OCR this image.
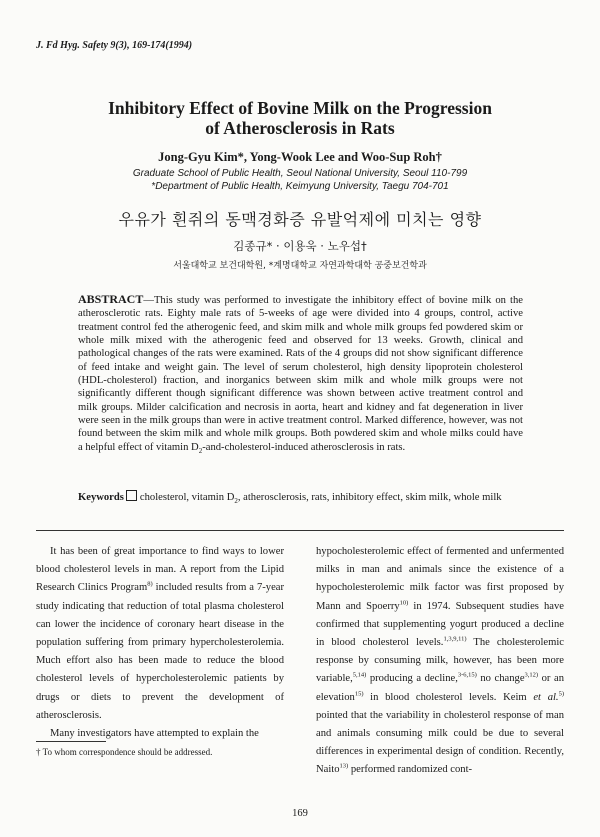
J. Fd Hyg. Safety 9(3), 169-174(1994)
Inhibitory Effect of Bovine Milk on the Progression
of Atherosclerosis in Rats
Jong-Gyu Kim*, Yong-Wook Lee and Woo-Sup Roh†
Graduate School of Public Health, Seoul National University, Seoul 110-799
*Department of Public Health, Keimyung University, Taegu 704-701
우유가 흰쥐의 동맥경화증 유발억제에 미치는 영향
김종규* · 이용욱 · 노우섭†
서울대학교 보건대학원, *계명대학교 자연과학대학 공중보건학과
ABSTRACT—This study was performed to investigate the inhibitory effect of bovine milk on the atherosclerotic rats. Eighty male rats of 5-weeks of age were divided into 4 groups, control, active treatment control fed the atherogenic feed, and skim milk and whole milk groups fed powdered skim or whole milk mixed with the atherogenic feed and observed for 13 weeks. Growth, clinical and pathological changes of the rats were examined. Rats of the 4 groups did not show significant difference of feed intake and weight gain. The level of serum cholesterol, high density lipoprotein cholesterol (HDL-cholesterol) fraction, and inorganics between skim milk and whole milk groups were not significantly different though significant difference was shown between active treatment control and milk groups. Milder calcification and necrosis in aorta, heart and kidney and fat degeneration in liver were seen in the milk groups than were in active treatment control. Marked difference, however, was not found between the skim milk and whole milk groups. Both powdered skim and whole milks could have a helpful effect of vitamin $D_2-and-cholesterol$-induced atherosclerosis in rats.
Keywords cholesterol, vitamin $D_2$, atherosclerosis, rats, inhibitory effect, skim milk, whole milk

It has been of great importance to find ways to lower blood cholesterol levels in man. A report from the Lipid Research Clinics Program$^{8)}$ included results from a 7-year study indicating that reduction of total plasma cholesterol can lower the incidence of coronary heart disease in the population suffering from primary hypercholesterolemia. Much effort also has been made to reduce the blood cholesterol levels of hypercholesterolemic patients by drugs or diets to prevent the development of atherosclerosis.

Many investigators have attempted to explain the

† To whom correspondence should be addressed.

hypocholesterolemic effect of fermented and unfermented milks in man and animals since the existence of a hypocholesterolemic milk factor was first proposed by Mann and Spoerry$^{10)}$ in 1974. Subsequent studies have confirmed that supplementing yogurt produced a decline in blood cholesterol levels.$^{1,3,9,11)}$ The cholesterolemic response by consuming milk, however, has been more variable,$^{5,14)}$ producing a decline,$^{3-6,15)}$ no change$^{3,12)}$ or an elevation$^{15)}$ in blood cholesterol levels. Keim et al.$^{5)}$ pointed that the variability in cholesterol response of man and animals consuming milk could be due to several differences in experimental design of condition. Recently, Naito$^{13)}$ performed randomized cont-

169
